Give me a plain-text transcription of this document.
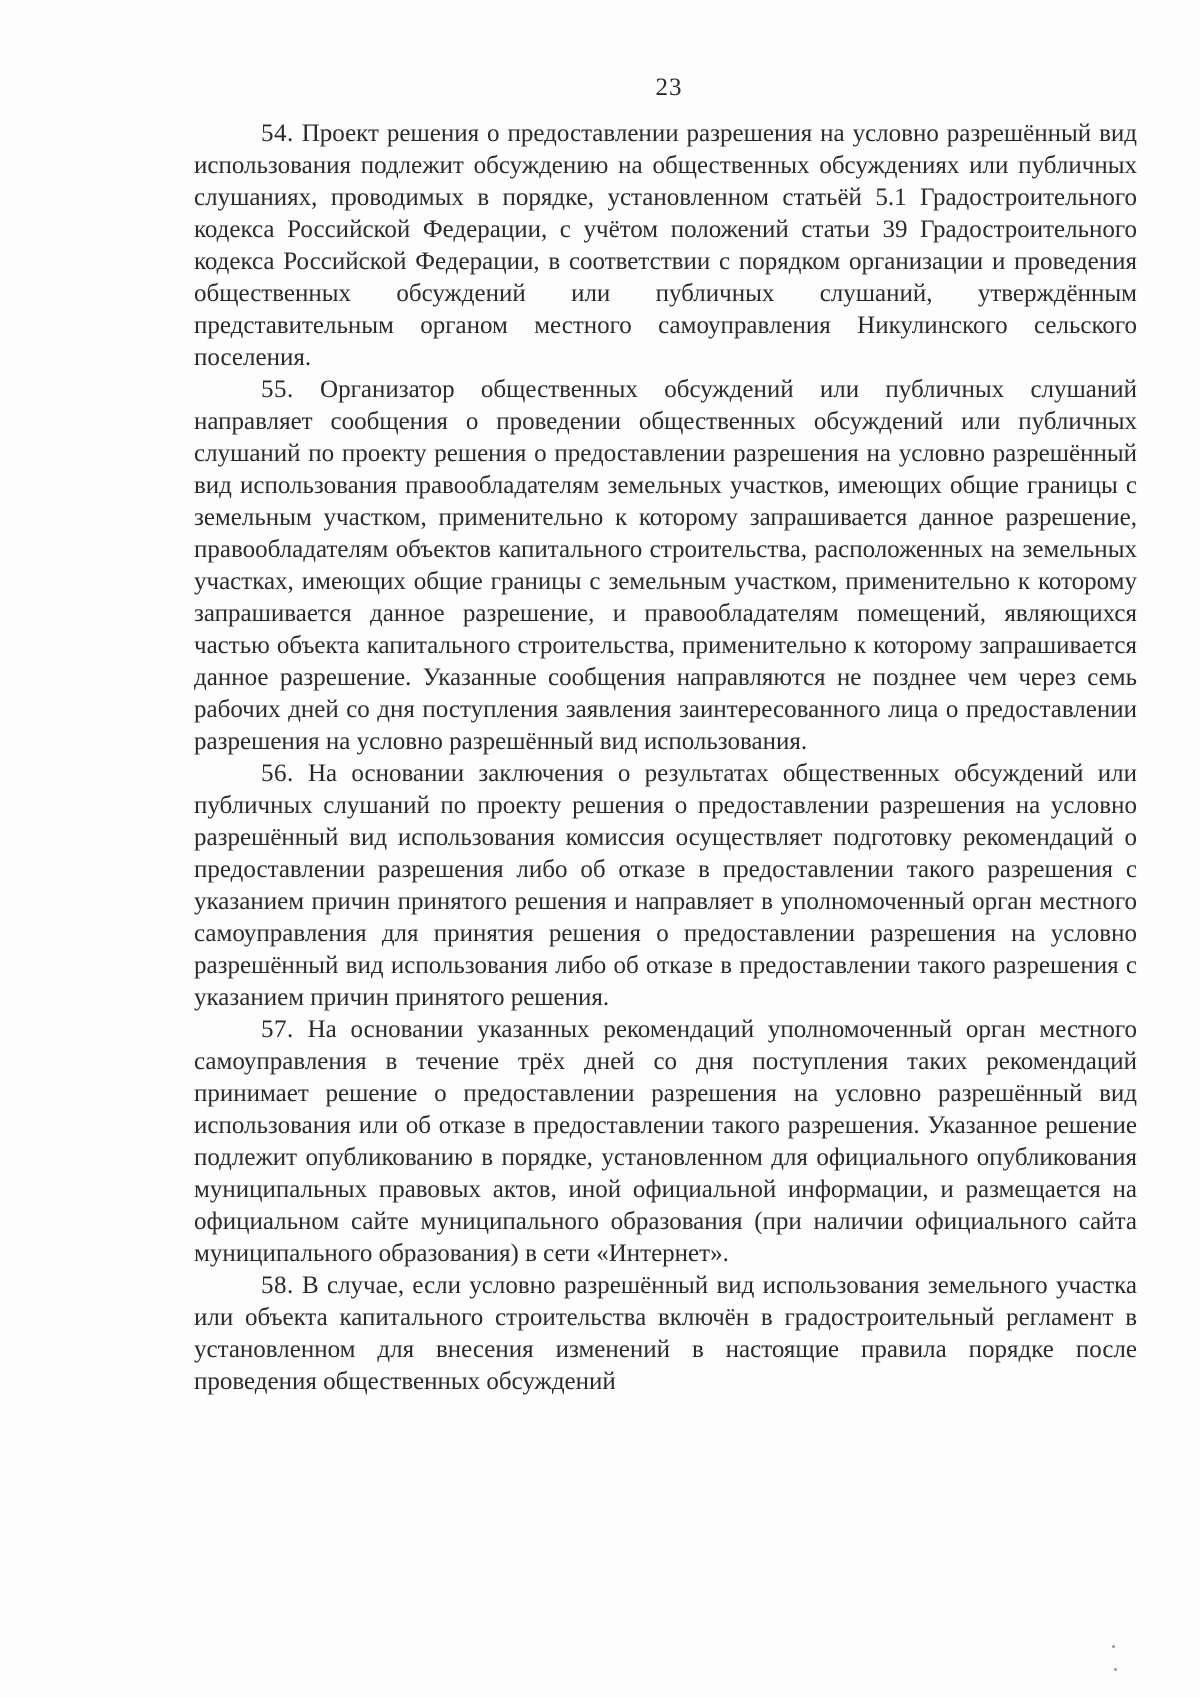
23

54. Проект решения о предоставлении разрешения на условно разрешённый вид использования подлежит обсуждению на общественных обсуждениях или публичных слушаниях, проводимых в порядке, установленном статьёй 5.1 Градостроительного кодекса Российской Федерации, с учётом положений статьи 39 Градостроительного кодекса Российской Федерации, в соответствии с порядком организации и проведения общественных обсуждений или публичных слушаний, утверждённым представительным органом местного самоуправления Никулинского сельского поселения.

55. Организатор общественных обсуждений или публичных слушаний направляет сообщения о проведении общественных обсуждений или публичных слушаний по проекту решения о предоставлении разрешения на условно разрешённый вид использования правообладателям земельных участков, имеющих общие границы с земельным участком, применительно к которому запрашивается данное разрешение, правообладателям объектов капитального строительства, расположенных на земельных участках, имеющих общие границы с земельным участком, применительно к которому запрашивается данное разрешение, и правообладателям помещений, являющихся частью объекта капитального строительства, применительно к которому запрашивается данное разрешение. Указанные сообщения направляются не позднее чем через семь рабочих дней со дня поступления заявления заинтересованного лица о предоставлении разрешения на условно разрешённый вид использования.

56. На основании заключения о результатах общественных обсуждений или публичных слушаний по проекту решения о предоставлении разрешения на условно разрешённый вид использования комиссия осуществляет подготовку рекомендаций о предоставлении разрешения либо об отказе в предоставлении такого разрешения с указанием причин принятого решения и направляет в уполномоченный орган местного самоуправления для принятия решения о предоставлении разрешения на условно разрешённый вид использования либо об отказе в предоставлении такого разрешения с указанием причин принятого решения.

57. На основании указанных рекомендаций уполномоченный орган местного самоуправления в течение трёх дней со дня поступления таких рекомендаций принимает решение о предоставлении разрешения на условно разрешённый вид использования или об отказе в предоставлении такого разрешения. Указанное решение подлежит опубликованию в порядке, установленном для официального опубликования муниципальных правовых актов, иной официальной информации, и размещается на официальном сайте муниципального образования (при наличии официального сайта муниципального образования) в сети «Интернет».

58. В случае, если условно разрешённый вид использования земельного участка или объекта капитального строительства включён в градостроительный регламент в установленном для внесения изменений в настоящие правила порядке после проведения общественных обсуждений
